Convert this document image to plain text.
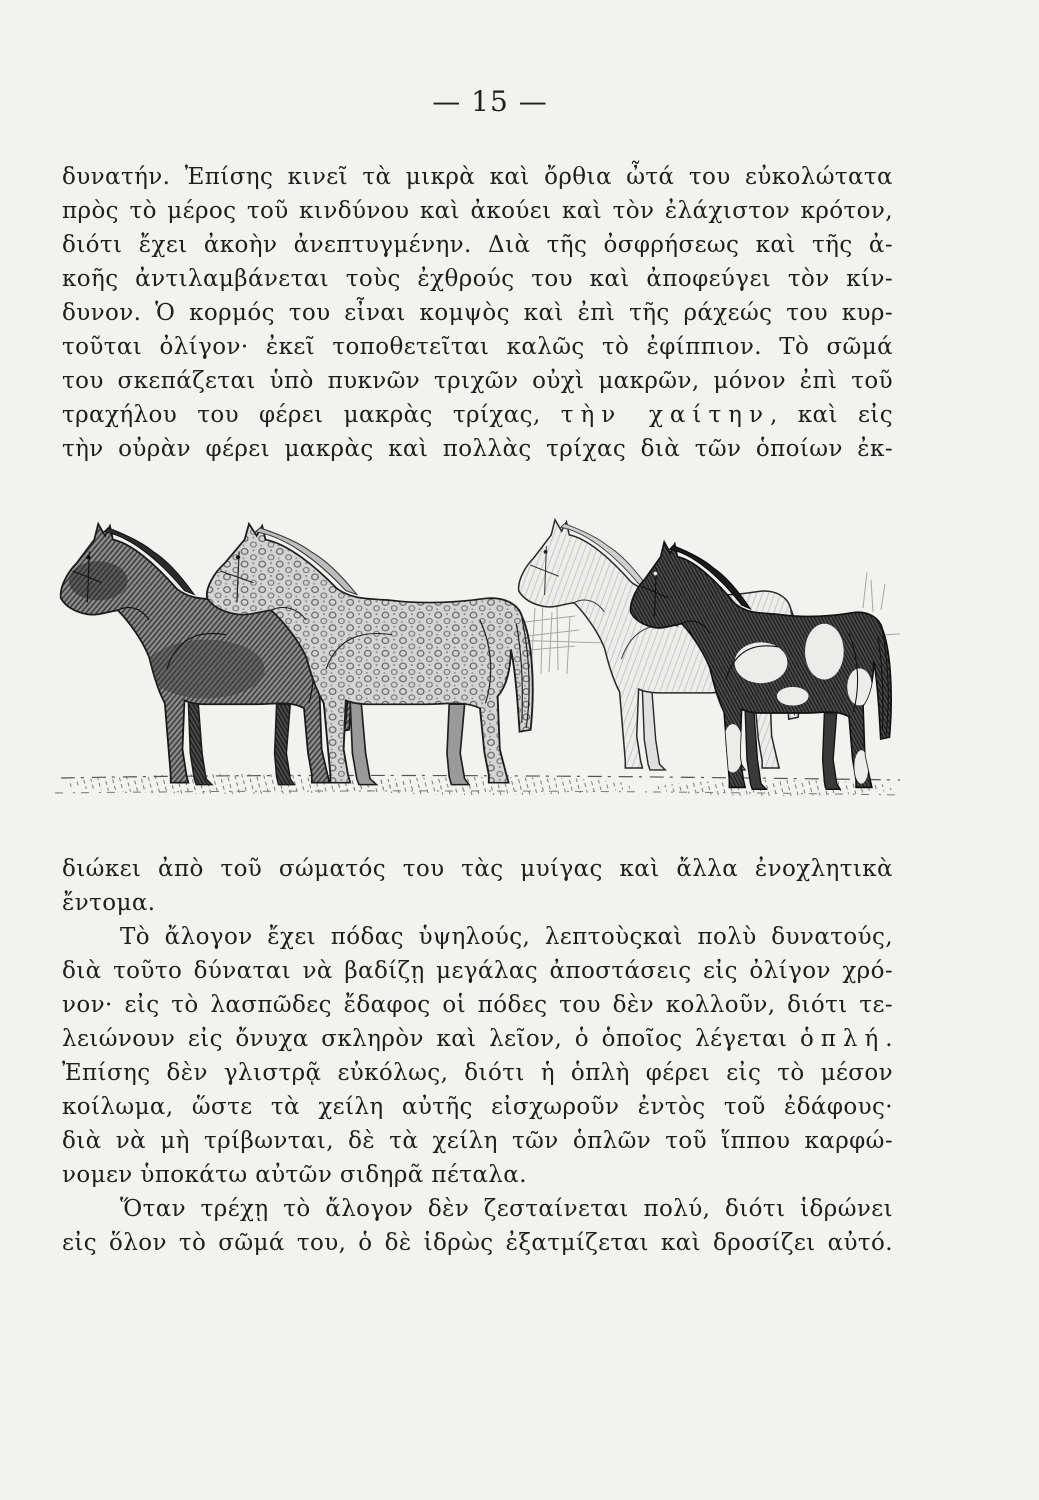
— 15 —
δυνατήν. Ἐπίσης κινεῖ τὰ μικρὰ καὶ ὄρθια ὦτά του εὐκολώτατα
πρὸς τὸ μέρος τοῦ κινδύνου καὶ ἀκούει καὶ τὸν ἐλάχιστον κρότον,
διότι ἔχει ἀκοὴν ἀνεπτυγμένην. Διὰ τῆς ὀσφρήσεως καὶ τῆς ἀ-
κοῆς ἀντιλαμβάνεται τοὺς ἐχθρούς του καὶ ἀποφεύγει τὸν κίν-
δυνον. Ὁ κορμός του εἶναι κομψὸς καὶ ἐπὶ τῆς ράχεώς του κυρ-
τοῦται ὀλίγον· ἐκεῖ τοποθετεῖται καλῶς τὸ ἐφίππιον. Τὸ σῶμά
του σκεπάζεται ὑπὸ πυκνῶν τριχῶν οὐχὶ μακρῶν, μόνον ἐπὶ τοῦ
τραχήλου του φέρει μακρὰς τρίχας, τὴν χαίτην, καὶ εἰς
τὴν οὐρὰν φέρει μακρὰς καὶ πολλὰς τρίχας διὰ τῶν ὁποίων ἐκ-
διώκει ἀπὸ τοῦ σώματός του τὰς μυίγας καὶ ἄλλα ἐνοχλητικὰ
ἔντομα.
Τὸ ἄλογον ἔχει πόδας ὑψηλούς, λεπτοὺςκαὶ πολὺ δυνατούς,
διὰ τοῦτο δύναται νὰ βαδίζῃ μεγάλας ἀποστάσεις εἰς ὀλίγον χρό-
νον· εἰς τὸ λασπῶδες ἔδαφος οἱ πόδες του δὲν κολλοῦν, διότι τε-
λειώνουν εἰς ὄνυχα σκληρὸν καὶ λεῖον, ὁ ὁποῖος λέγεται ὁπλή.
Ἐπίσης δὲν γλιστρᾷ εὐκόλως, διότι ἡ ὁπλὴ φέρει εἰς τὸ μέσον
κοίλωμα, ὥστε τὰ χείλη αὐτῆς εἰσχωροῦν ἐντὸς τοῦ ἐδάφους·
διὰ νὰ μὴ τρίβωνται, δὲ τὰ χείλη τῶν ὁπλῶν τοῦ ἵππου καρφώ-
νομεν ὑποκάτω αὐτῶν σιδηρᾶ πέταλα.
Ὅταν τρέχῃ τὸ ἄλογον δὲν ζεσταίνεται πολύ, διότι ἱδρώνει
εἰς ὅλον τὸ σῶμά του, ὁ δὲ ἱδρὼς ἐξατμίζεται καὶ δροσίζει αὐτό.
